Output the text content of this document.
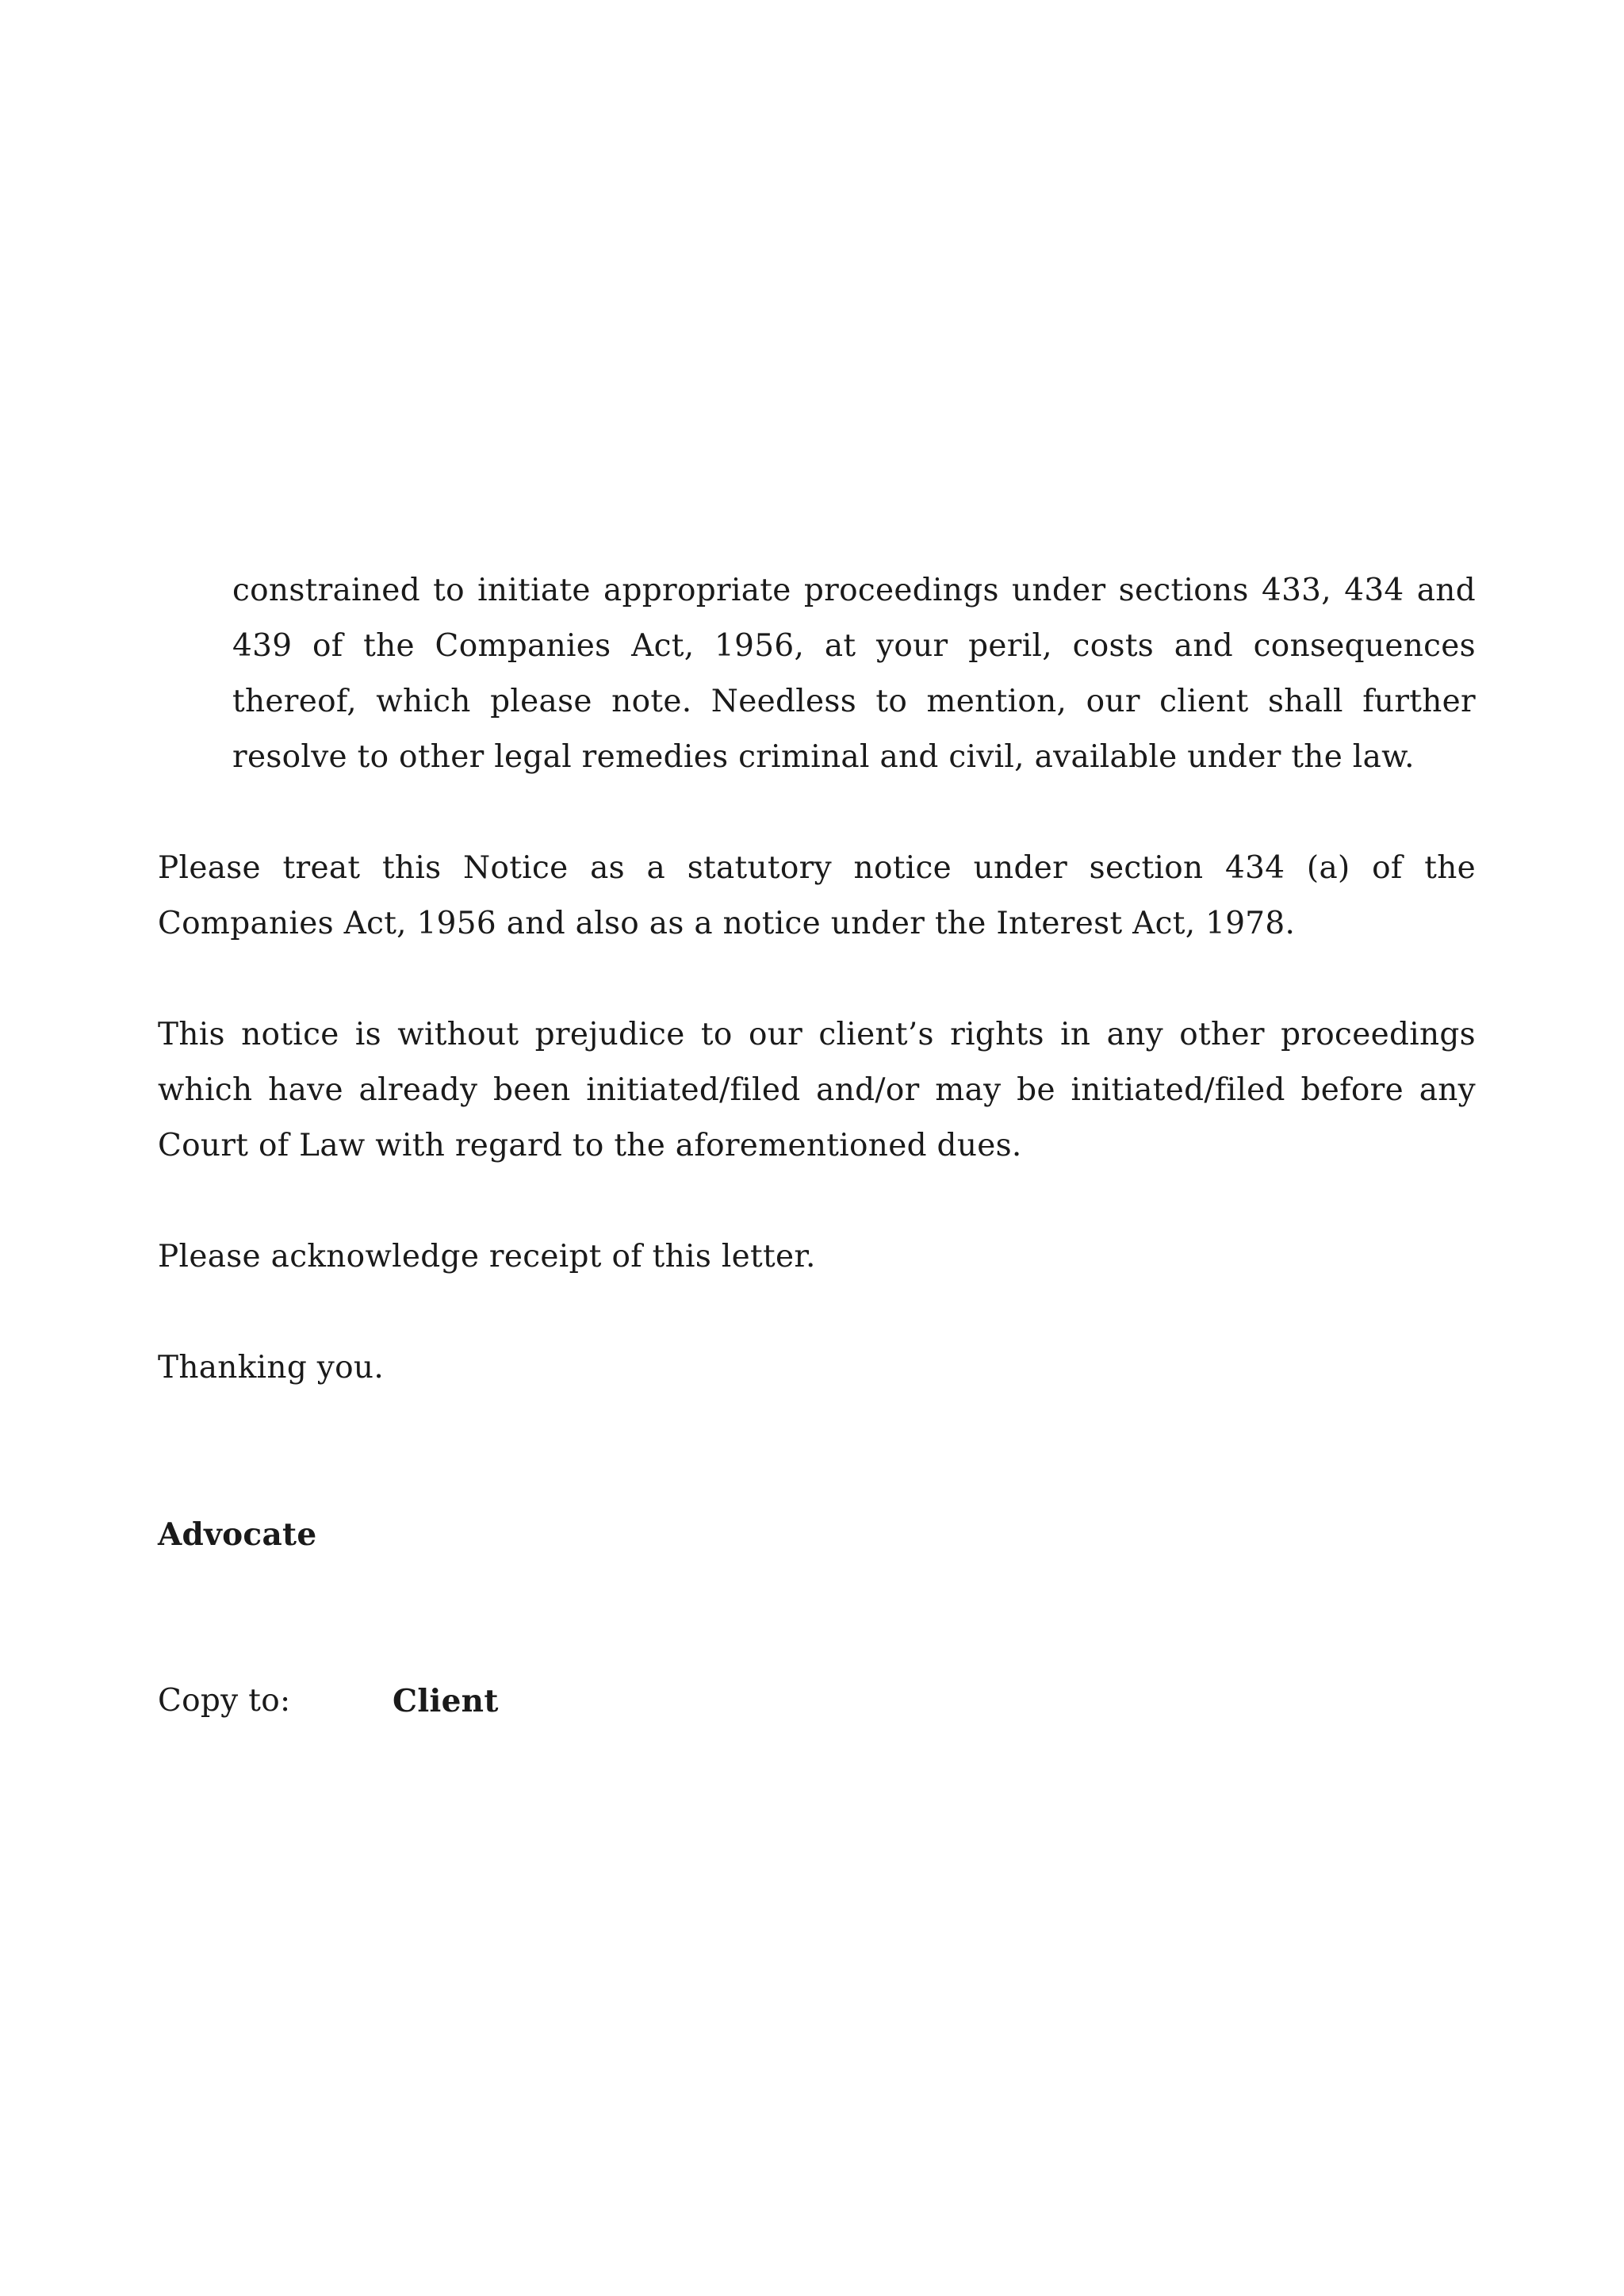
constrained to initiate appropriate proceedings under sections 433, 434 and 439 of the Companies Act, 1956, at your peril, costs and consequences thereof, which please note. Needless to mention, our client shall further resolve to other legal remedies criminal and civil, available under the law.

Please treat this Notice as a statutory notice under section 434 (a) of the Companies Act, 1956 and also as a notice under the Interest Act, 1978.

This notice is without prejudice to our client’s rights in any other proceedings which have already been initiated/filed and/or may be initiated/filed before any Court of Law with regard to the aforementioned dues.

Please acknowledge receipt of this letter.

Thanking you.

Advocate

Copy to:	Client
